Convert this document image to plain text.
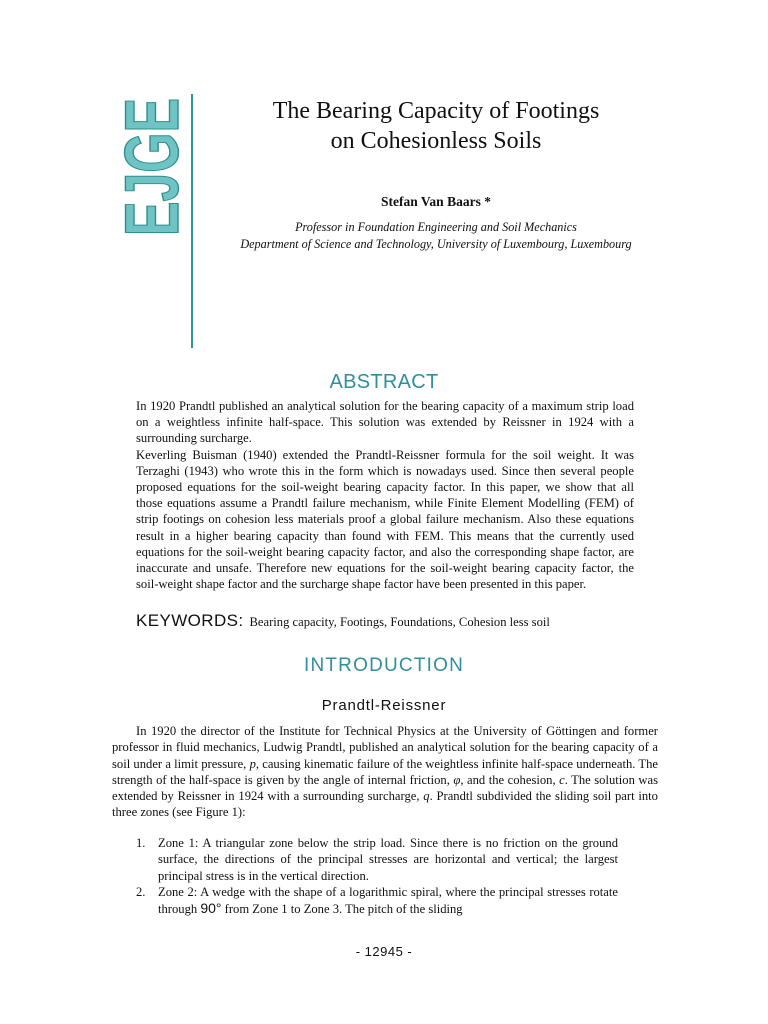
EJGE	The Bearing Capacity of Footings
on Cohesionless Soils

Stefan Van Baars *

Professor in Foundation Engineering and Soil Mechanics
Department of Science and Technology, University of Luxembourg, Luxembourg
ABSTRACT

In 1920 Prandtl published an analytical solution for the bearing capacity of a maximum strip load on a weightless infinite half-space. This solution was extended by Reissner in 1924 with a surrounding surcharge.

Keverling Buisman (1940) extended the Prandtl-Reissner formula for the soil weight. It was Terzaghi (1943) who wrote this in the form which is nowadays used. Since then several people proposed equations for the soil-weight bearing capacity factor. In this paper, we show that all those equations assume a Prandtl failure mechanism, while Finite Element Modelling (FEM) of strip footings on cohesion less materials proof a global failure mechanism. Also these equations result in a higher bearing capacity than found with FEM. This means that the currently used equations for the soil-weight bearing capacity factor, and also the corresponding shape factor, are inaccurate and unsafe. Therefore new equations for the soil-weight bearing capacity factor, the soil-weight shape factor and the surcharge shape factor have been presented in this paper.

KEYWORDS: Bearing capacity, Footings, Foundations, Cohesion less soil
INTRODUCTION
Prandtl-Reissner

In 1920 the director of the Institute for Technical Physics at the University of Göttingen and former professor in fluid mechanics, Ludwig Prandtl, published an analytical solution for the bearing capacity of a soil under a limit pressure, p, causing kinematic failure of the weightless infinite half-space underneath. The strength of the half-space is given by the angle of internal friction, φ, and the cohesion, c. The solution was extended by Reissner in 1924 with a surrounding surcharge, q. Prandtl subdivided the sliding soil part into three zones (see Figure 1):

1. Zone 1: A triangular zone below the strip load. Since there is no friction on the ground surface, the directions of the principal stresses are horizontal and vertical; the largest principal stress is in the vertical direction.
2. Zone 2: A wedge with the shape of a logarithmic spiral, where the principal stresses rotate through 90° from Zone 1 to Zone 3. The pitch of the sliding
- 12945 -
